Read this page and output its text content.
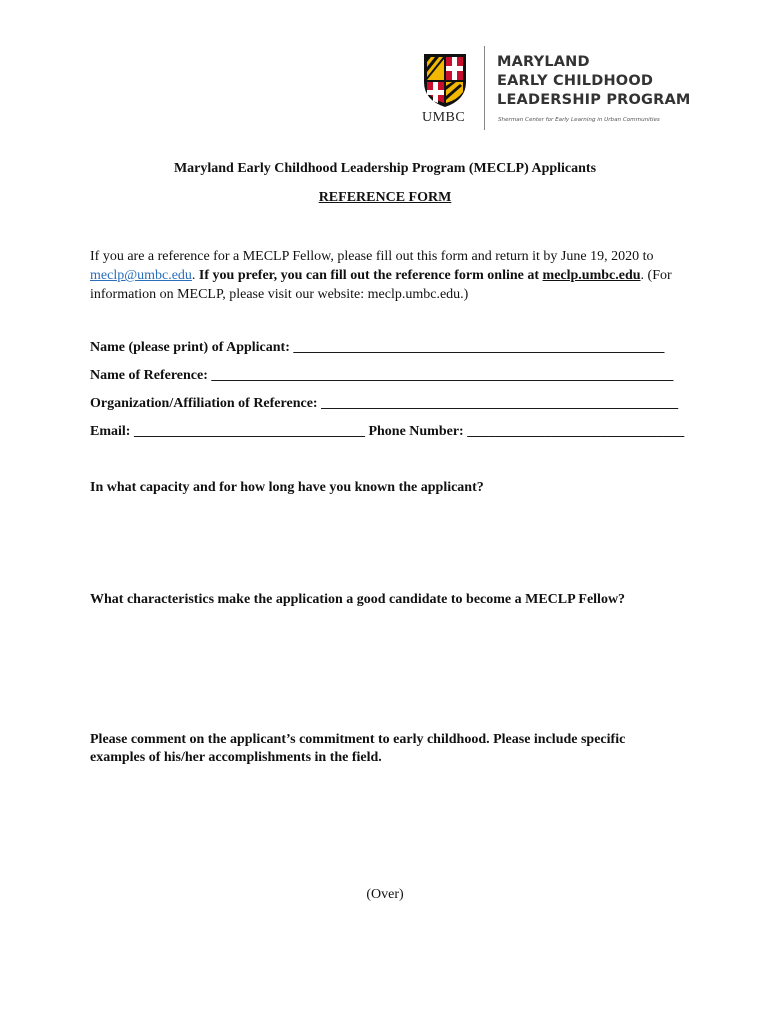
UMBC
MARYLAND
EARLY CHILDHOOD
LEADERSHIP PROGRAM
Sherman Center for Early Learning in Urban Communities
Maryland Early Childhood Leadership Program (MECLP) Applicants
REFERENCE FORM
If you are a reference for a MECLP Fellow, please fill out this form and return it by June 19, 2020 to
meclp@umbc.edu. If you prefer, you can fill out the reference form online at meclp.umbc.edu. (For information on MECLP, please visit our website: meclp.umbc.edu.)
Name (please print) of Applicant: _____________________________________________________
Name of Reference: __________________________________________________________________
Organization/Affiliation of Reference: ___________________________________________________
Email: _________________________________ Phone Number: _______________________________
In what capacity and for how long have you known the applicant?
What characteristics make the application a good candidate to become a MECLP Fellow?
Please comment on the applicant’s commitment to early childhood. Please include specific examples of his/her accomplishments in the field.
(Over)
